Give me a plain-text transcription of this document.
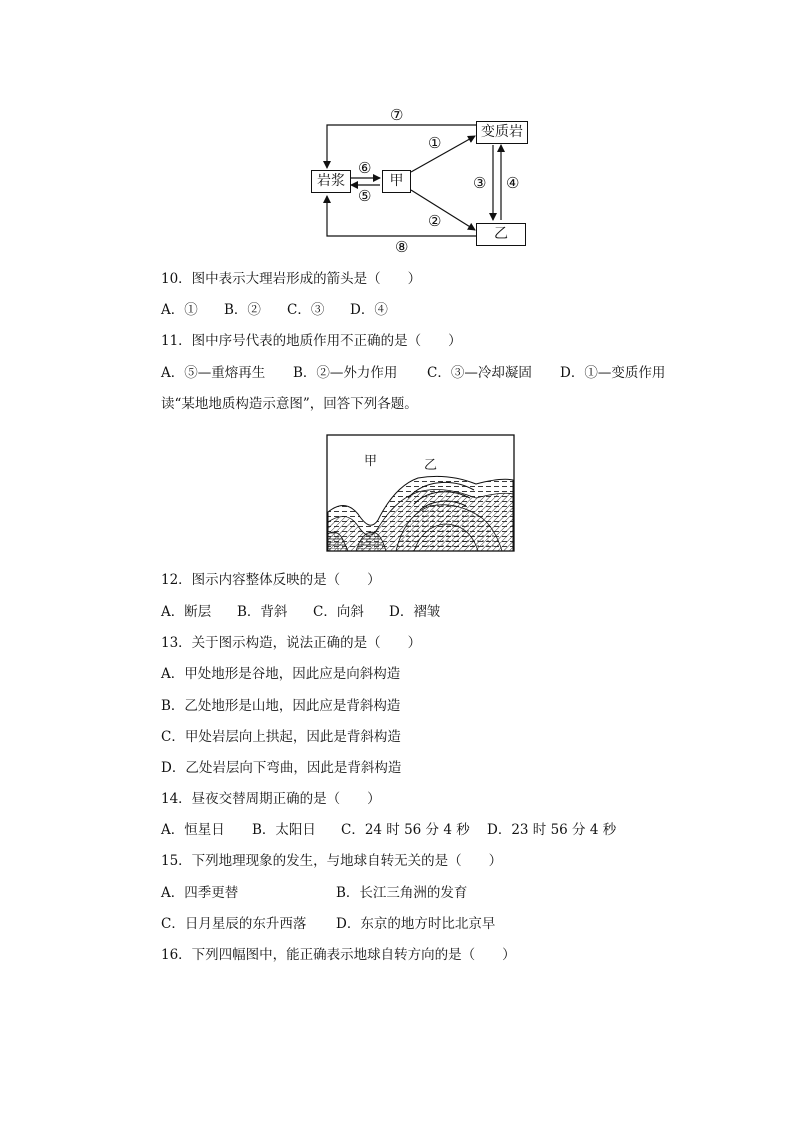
岩浆	甲
变质岩
乙
⑦
①
⑥
⑤
③ ④
②
⑧
10．图中表示大理岩形成的箭头是（　　）
A．① B．② C．③ D．④
11．图中序号代表的地质作用不正确的是（　　）
A．⑤—重熔再生 B．②—外力作用 C．③—冷却凝固 D．①—变质作用
读“某地地质构造示意图”，回答下列各题。
甲	乙
12．图示内容整体反映的是（　　）
A．断层 B．背斜 C．向斜 D．褶皱
13．关于图示构造，说法正确的是（　　）
A．甲处地形是谷地，因此应是向斜构造
B．乙处地形是山地，因此应是背斜构造
C．甲处岩层向上拱起，因此是背斜构造
D．乙处岩层向下弯曲，因此是背斜构造
14．昼夜交替周期正确的是（　　）
A．恒星日 B．太阳日 C．24 时 56 分 4 秒 D．23 时 56 分 4 秒
15．下列地理现象的发生，与地球自转无关的是（　　）
A．四季更替	B．长江三角洲的发育
C．日月星辰的东升西落 D．东京的地方时比北京早
16．下列四幅图中，能正确表示地球自转方向的是（　　）
